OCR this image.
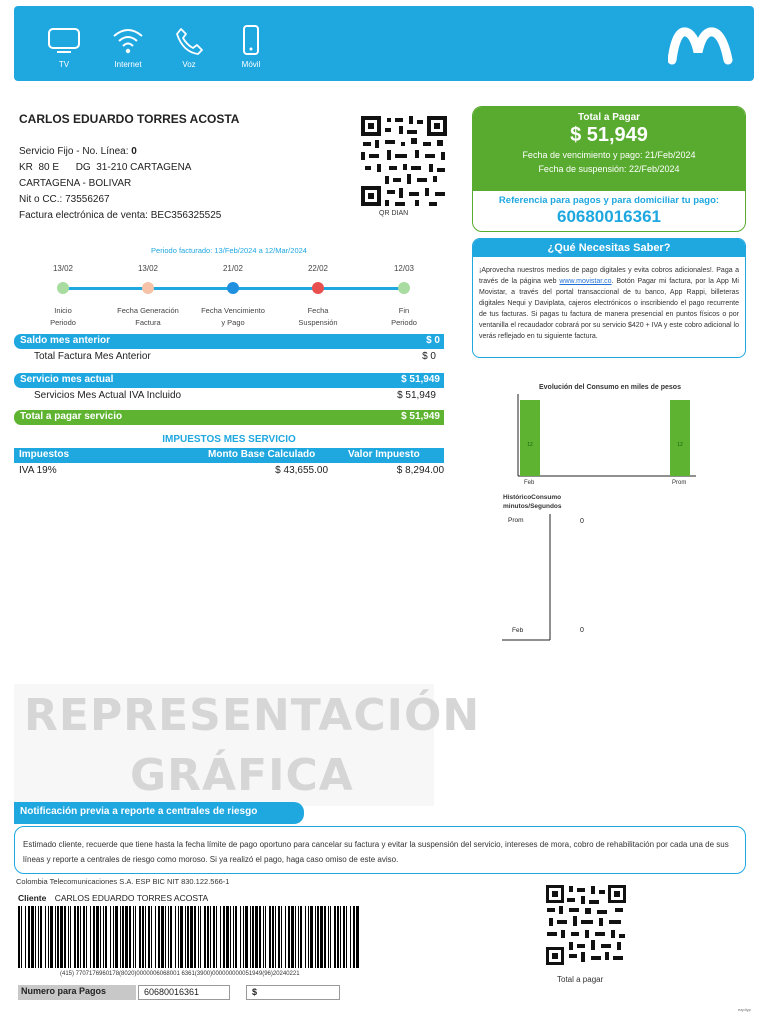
TV	Internet	Voz	Móvil
CARLOS EDUARDO TORRES ACOSTA
Servicio Fijo - No. Línea: 0
KR  80 E      DG  31-210 CARTAGENA
CARTAGENA - BOLIVAR
Nit o CC.: 73556267
Factura electrónica de venta: BEC356325525	QR DIAN
Total a Pagar
$ 51,949
Fecha de vencimiento y pago: 21/Feb/2024
Fecha de suspensión: 22/Feb/2024
Referencia para pagos y para domiciliar tu pago:
60680016361
Periodo facturado: 13/Feb/2024 a 12/Mar/2024
13/02	13/02	21/02	22/02	12/03
Inicio
Periodo
Fecha Generación
Factura
Fecha Vencimiento
y Pago
Fecha
Suspensión
Fin
Periodo
Saldo mes anterior	$ 0
Total Factura Mes Anterior	$ 0
Servicio mes actual	$ 51,949
Servicios Mes Actual IVA Incluido	$ 51,949
Total a pagar servicio	$ 51,949
IMPUESTOS MES SERVICIO
Impuestos	Monto Base Calculado	Valor Impuesto
IVA 19%	$ 43,655.00	$ 8,294.00
¿Qué Necesitas Saber?
¡Aprovecha nuestros medios de pago digitales y evita cobros adicionales!. Paga a través de la página web www.movistar.co. Botón Pagar mi factura, por la App Mi Movistar, a través del portal transaccional de tu banco, App Rappi, billeteras digitales Nequi y Daviplata, cajeros electrónicos o inscribiendo el pago recurrente de tus facturas. Si pagas tu factura de manera presencial en puntos físicos o por ventanilla el recaudador cobrará por su servicio $420 + IVA y este cobro adicional lo verás reflejado en tu siguiente factura.
Evolución del Consumo en miles de pesos
12	12
Feb	Prom
HistóricoConsumo
minutos/Segundos
Prom	0
Feb	0
REPRESENTACIÓN
GRÁFICA
Notificación previa a reporte a centrales de riesgo
Estimado cliente, recuerde que tiene hasta la fecha límite de pago oportuno para cancelar su factura y evitar la suspensión del servicio, intereses de mora, cobro de rehabilitación por cada una de sus líneas y reporte a centrales de riesgo como moroso. Si ya realizó el pago, haga caso omiso de este aviso.
Colombia Telecomunicaciones S.A. ESP BIC NIT 830.122.566-1
Cliente CARLOS EDUARDO TORRES ACOSTA
(415) 7707176960178(8020)0000006068001 6361(3900)000000000051949(96)20240221
Numero para Pagos	60680016361	$
Total a pagar
ezp4yp
